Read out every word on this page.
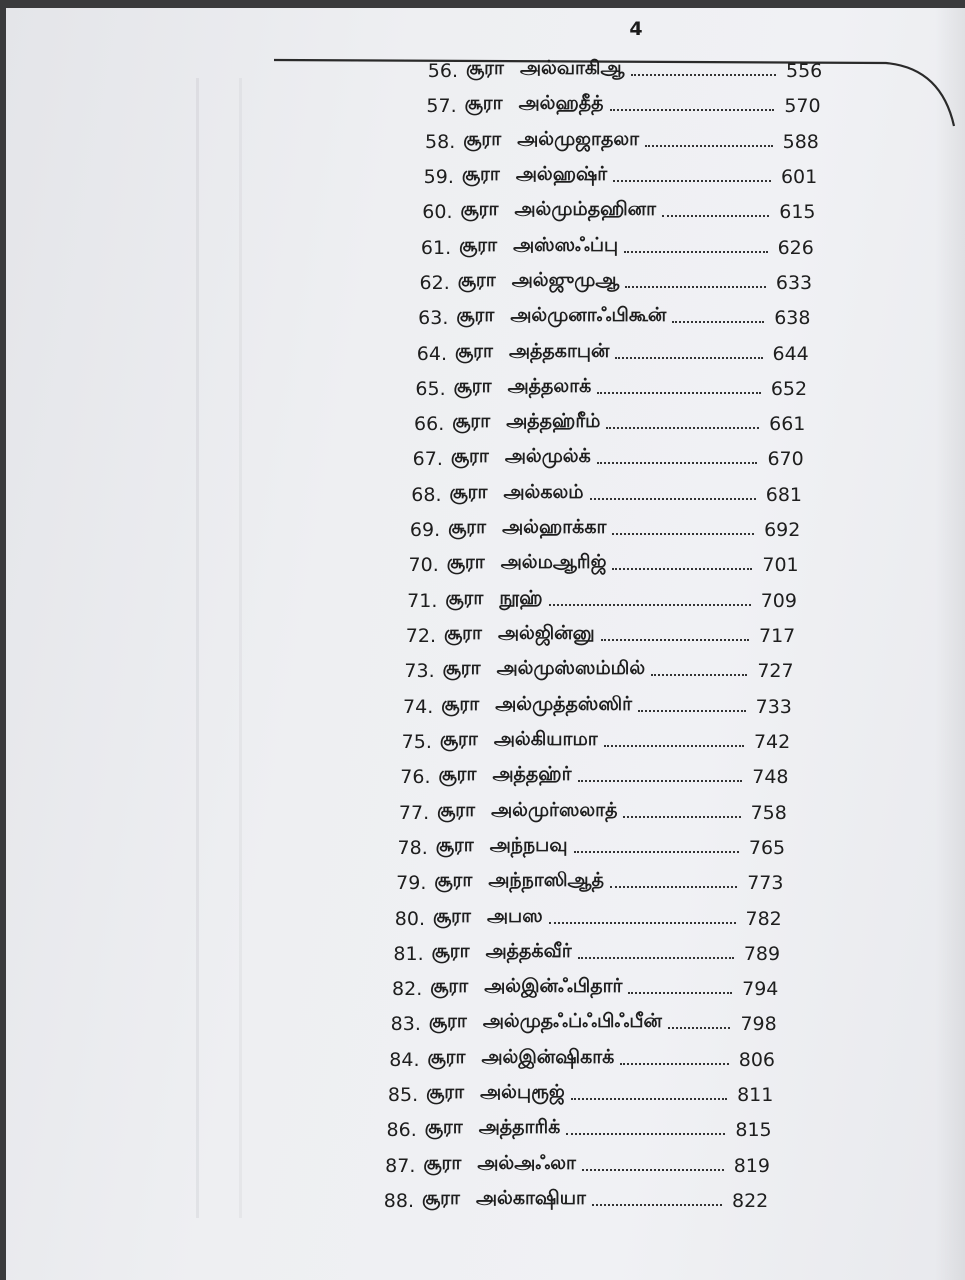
4
56. சூரா அல்வாகிஆ	556
57. சூரா அல்ஹதீத்	570
58. சூரா அல்முஜாதலா	588
59. சூரா அல்ஹஷ்ர்	601
60. சூரா அல்மும்தஹினா	615
61. சூரா அஸ்ஸஃப்பு	626
62. சூரா அல்ஜுமுஆ	633
63. சூரா அல்முனாஃபிகூன்	638
64. சூரா அத்தகாபுன்	644
65. சூரா அத்தலாக்	652
66. சூரா அத்தஹ்ரீம்	661
67. சூரா அல்முல்க்	670
68. சூரா அல்கலம்	681
69. சூரா அல்ஹாக்கா	692
70. சூரா அல்மஆரிஜ்	701
71. சூரா நூஹ்	709
72. சூரா அல்ஜின்னு	717
73. சூரா அல்முஸ்ஸம்மில்	727
74. சூரா அல்முத்தஸ்ஸிர்	733
75. சூரா அல்கியாமா	742
76. சூரா அத்தஹ்ர்	748
77. சூரா அல்முர்ஸலாத்	758
78. சூரா அந்நபவு	765
79. சூரா அந்நாஸிஆத்	773
80. சூரா அபஸ	782
81. சூரா அத்தக்வீர்	789
82. சூரா அல்இன்ஃபிதார்	794
83. சூரா அல்முதஃப்ஃபிஃபீன்	798
84. சூரா அல்இன்ஷிகாக்	806
85. சூரா அல்புரூஜ்	811
86. சூரா அத்தாரிக்	815
87. சூரா அல்அஃலா	819
88. சூரா அல்காஷியா	822
